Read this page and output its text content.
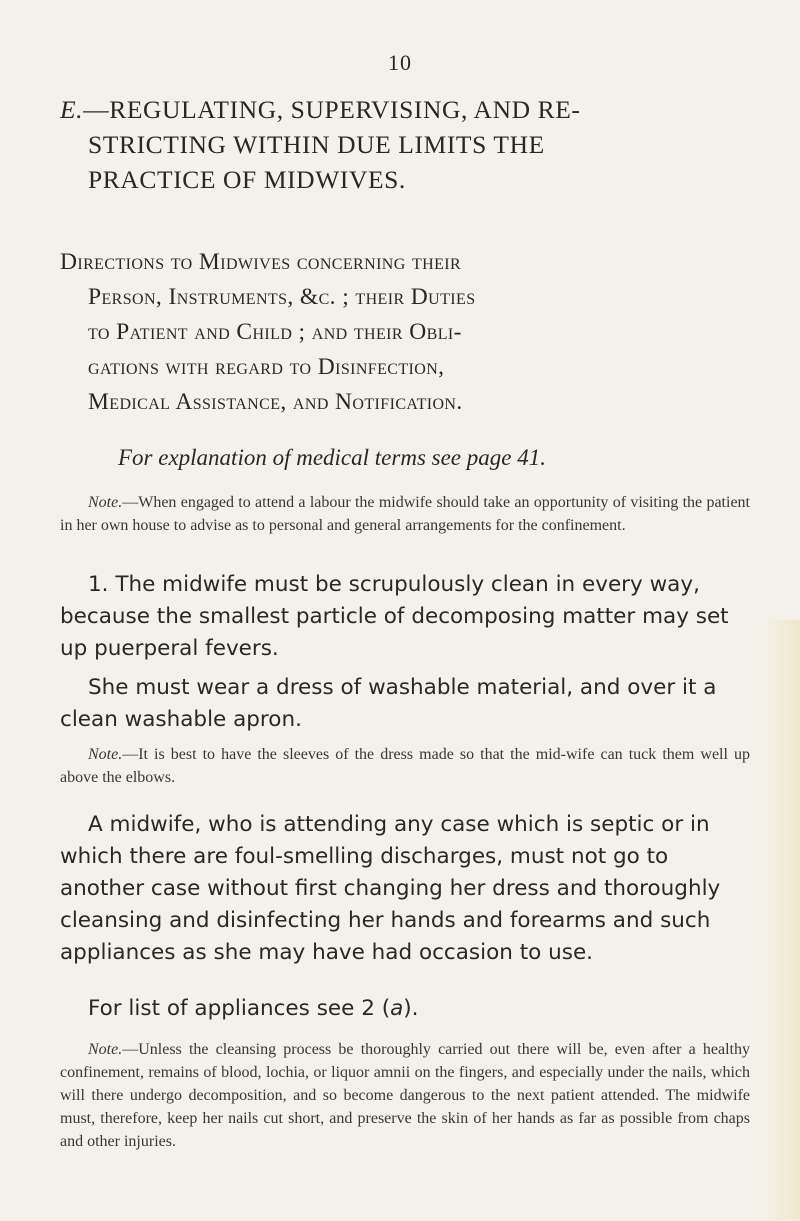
10
E.—REGULATING, SUPERVISING, AND RE-
STRICTING WITHIN DUE LIMITS THE
PRACTICE OF MIDWIVES.
Directions to Midwives concerning their
Person, Instruments, &c. ; their Duties
to Patient and Child ; and their Obli-
gations with regard to Disinfection,
Medical Assistance, and Notification.
For explanation of medical terms see page 41.
Note.—When engaged to attend a labour the midwife should take an opportunity of visiting the patient in her own house to advise as to personal and general arrangements for the confinement.
1. The midwife must be scrupulously clean in every way, because the smallest particle of decomposing matter may set up puerperal fevers.
She must wear a dress of washable material, and over it a clean washable apron.
Note.—It is best to have the sleeves of the dress made so that the mid-wife can tuck them well up above the elbows.
A midwife, who is attending any case which is septic or in which there are foul-smelling discharges, must not go to another case without first changing her dress and thoroughly cleansing and disinfecting her hands and forearms and such appliances as she may have had occasion to use.
For list of appliances see 2 (a).
Note.—Unless the cleansing process be thoroughly carried out there will be, even after a healthy confinement, remains of blood, lochia, or liquor amnii on the fingers, and especially under the nails, which will there undergo decomposition, and so become dangerous to the next patient attended. The midwife must, therefore, keep her nails cut short, and preserve the skin of her hands as far as possible from chaps and other injuries.
